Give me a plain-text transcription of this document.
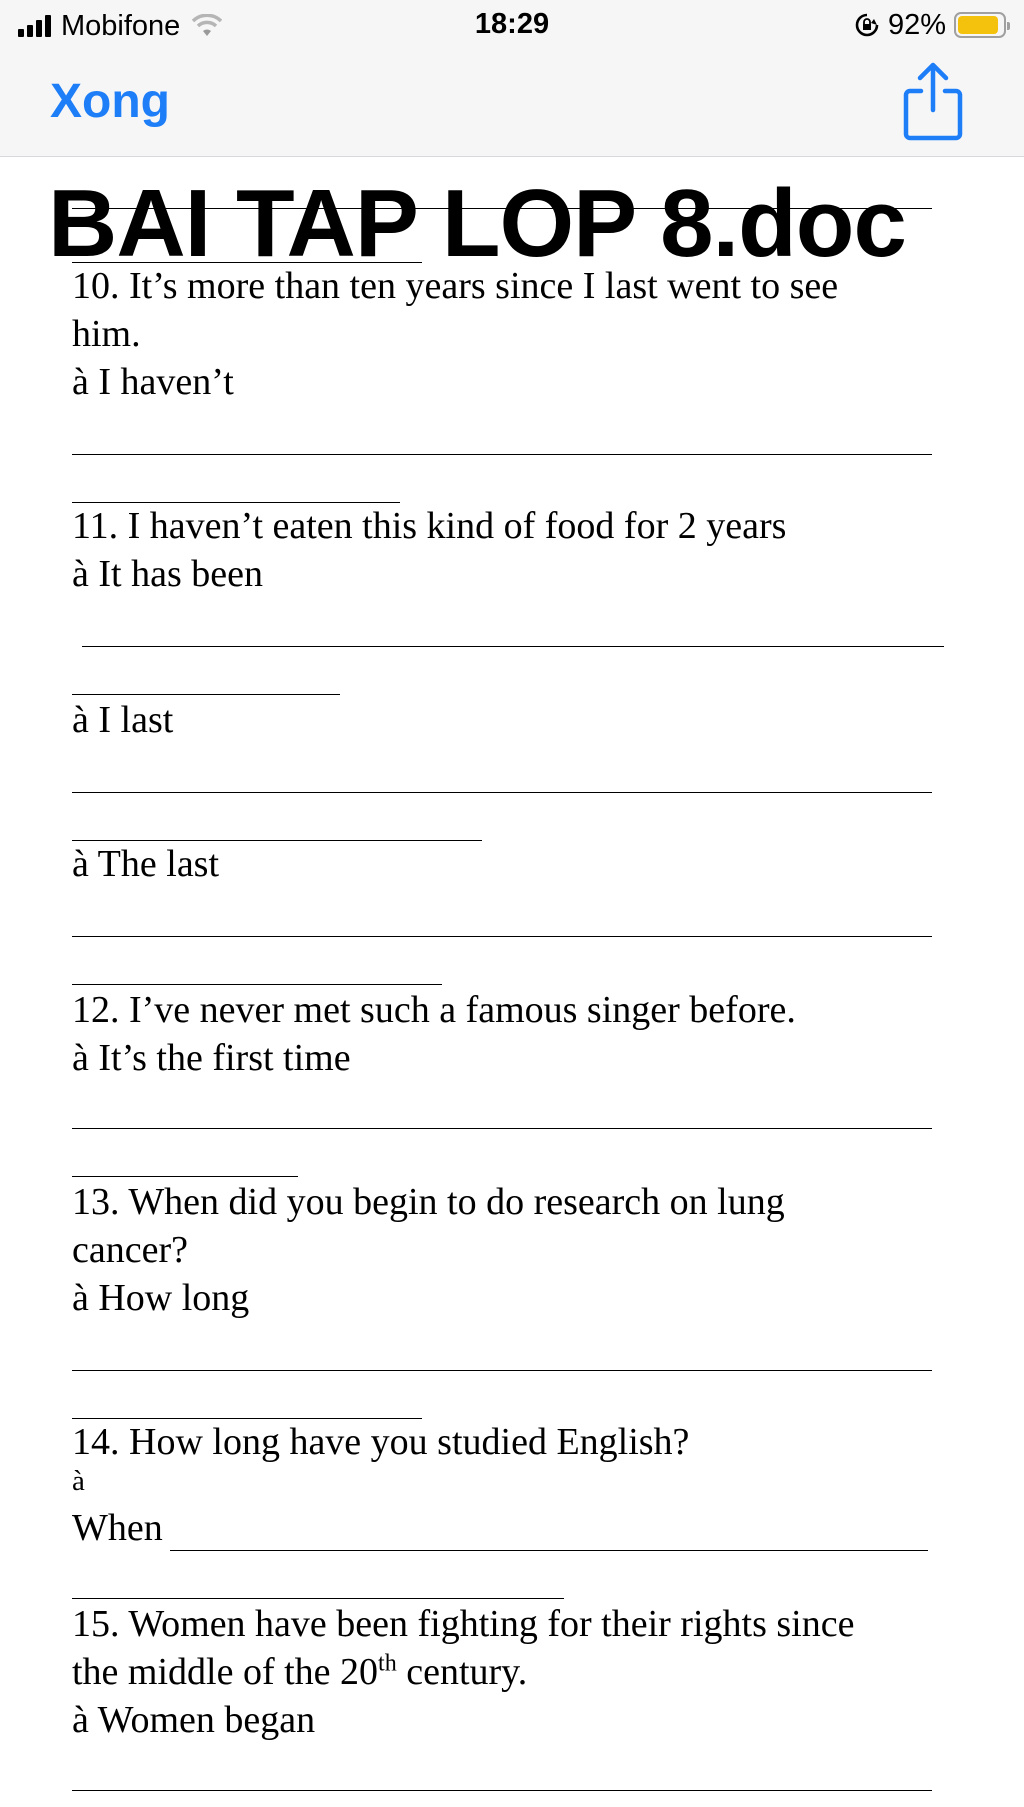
Mobifone	18:29	92%
Xong
BAI TAP LOP 8.doc
10. It’s more than ten years since I last went to see
him.
à I haven’t
11. I haven’t eaten this kind of food for 2 years
à It has been
à I last
à The last
12. I’ve never met such a famous singer before.
à It’s the first time
13. When did you begin to do research on lung
cancer?
à How long
14. How long have you studied English?
à
When
15. Women have been fighting for their rights since
the middle of the 20th century.
à Women began
